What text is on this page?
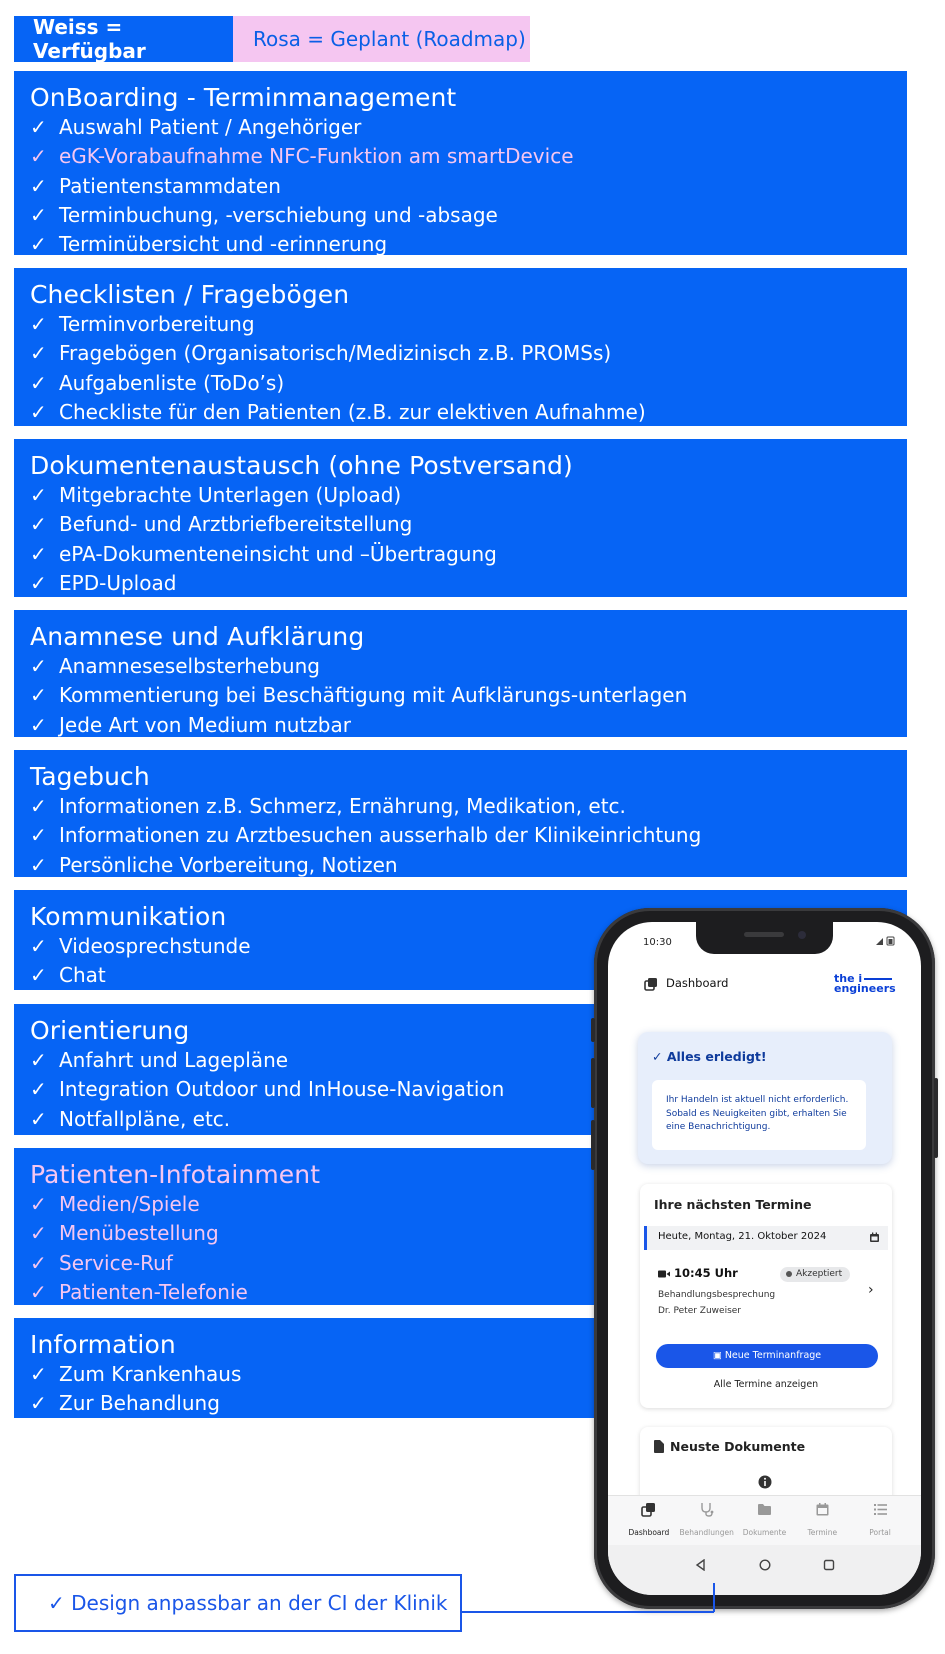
Weiss = Verfügbar	Rosa = Geplant (Roadmap)
OnBoarding - Terminmanagement
✓ Auswahl Patient / Angehöriger
✓ eGK-Vorabaufnahme NFC-Funktion am smartDevice
✓ Patientenstammdaten
✓ Terminbuchung, -verschiebung und -absage
✓ Terminübersicht und -erinnerung
Checklisten / Fragebögen
✓ Terminvorbereitung
✓ Fragebögen (Organisatorisch/Medizinisch z.B. PROMSs)
✓ Aufgabenliste (ToDo’s)
✓ Checkliste für den Patienten (z.B. zur elektiven Aufnahme)
Dokumentenaustausch (ohne Postversand)
✓ Mitgebrachte Unterlagen (Upload)
✓ Befund- und Arztbriefbereitstellung
✓ ePA-Dokumenteneinsicht und –Übertragung
✓ EPD-Upload
Anamnese und Aufklärung
✓ Anamneseselbsterhebung
✓ Kommentierung bei Beschäftigung mit Aufklärungs-unterlagen
✓ Jede Art von Medium nutzbar
Tagebuch
✓ Informationen z.B. Schmerz, Ernährung, Medikation, etc.
✓ Informationen zu Arztbesuchen ausserhalb der Klinikeinrichtung
✓ Persönliche Vorbereitung, Notizen
Kommunikation
✓ Videosprechstunde
✓ Chat
Orientierung
✓ Anfahrt und Lagepläne
✓ Integration Outdoor und InHouse-Navigation
✓ Notfallpläne, etc.
Patienten-Infotainment
✓ Medien/Spiele
✓ Menübestellung
✓ Service-Ruf
✓ Patienten-Telefonie
Information
✓ Zum Krankenhaus
✓ Zur Behandlung
10:30
Dashboard	the i
engineers
✓ Alles erledigt!
Ihr Handeln ist aktuell nicht erforderlich. Sobald es Neuigkeiten gibt, erhalten Sie eine Benachrichtigung.
Ihre nächsten Termine
Heute, Montag, 21. Oktober 2024
10:45 Uhr	Akzeptiert
Behandlungsbesprechung
Dr. Peter Zuweiser
›
▣ Neue Terminanfrage
Alle Termine anzeigen
Neuste Dokumente
Dashboard	Behandlungen	Dokumente	Termine	Portal
✓ Design anpassbar an der CI der Klinik
